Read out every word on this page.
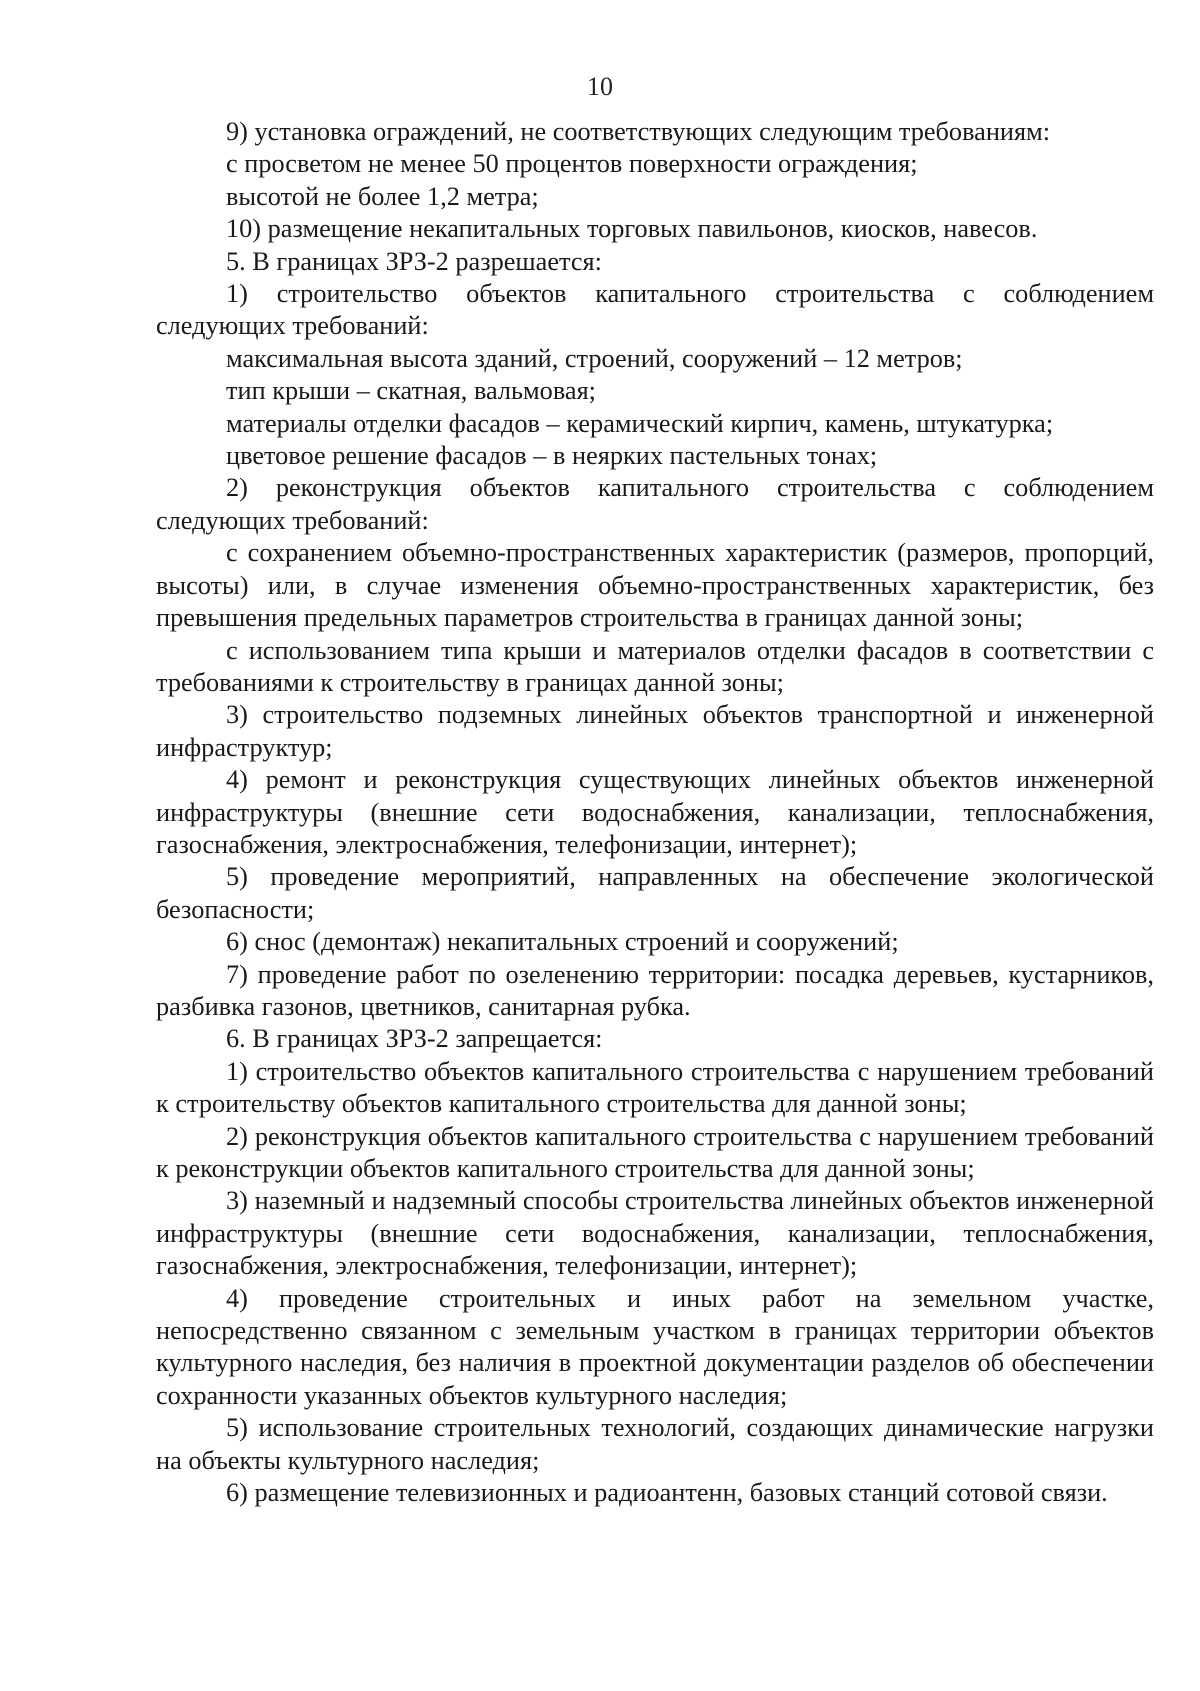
10

9) установка ограждений, не соответствующих следующим требованиям:

с просветом не менее 50 процентов поверхности ограждения;

высотой не более 1,2 метра;

10) размещение некапитальных торговых павильонов, киосков, навесов.

5. В границах ЗРЗ-2 разрешается:

1) строительство объектов капитального строительства с соблюдением следующих требований:

максимальная высота зданий, строений, сооружений – 12 метров;

тип крыши – скатная, вальмовая;

материалы отделки фасадов – керамический кирпич, камень, штукатурка;

цветовое решение фасадов – в неярких пастельных тонах;

2) реконструкция объектов капитального строительства с соблюдением следующих требований:

с сохранением объемно-пространственных характеристик (размеров, пропорций, высоты) или, в случае изменения объемно-пространственных характеристик, без превышения предельных параметров строительства в границах данной зоны;

с использованием типа крыши и материалов отделки фасадов в соответствии с требованиями к строительству в границах данной зоны;

3) строительство подземных линейных объектов транспортной и инженерной инфраструктур;

4) ремонт и реконструкция существующих линейных объектов инженерной инфраструктуры (внешние сети водоснабжения, канализации, теплоснабжения, газоснабжения, электроснабжения, телефонизации, интернет);

5) проведение мероприятий, направленных на обеспечение экологической безопасности;

6) снос (демонтаж) некапитальных строений и сооружений;

7) проведение работ по озеленению территории: посадка деревьев, кустарников, разбивка газонов, цветников, санитарная рубка.

6. В границах ЗРЗ-2 запрещается:

1) строительство объектов капитального строительства с нарушением требований к строительству объектов капитального строительства для данной зоны;

2) реконструкция объектов капитального строительства с нарушением требований к реконструкции объектов капитального строительства для данной зоны;

3) наземный и надземный способы строительства линейных объектов инженерной инфраструктуры (внешние сети водоснабжения, канализации, теплоснабжения, газоснабжения, электроснабжения, телефонизации, интернет);

4) проведение строительных и иных работ на земельном участке, непосредственно связанном с земельным участком в границах территории объектов культурного наследия, без наличия в проектной документации разделов об обеспечении сохранности указанных объектов культурного наследия;

5) использование строительных технологий, создающих динамические нагрузки на объекты культурного наследия;

6) размещение телевизионных и радиоантенн, базовых станций сотовой связи.
